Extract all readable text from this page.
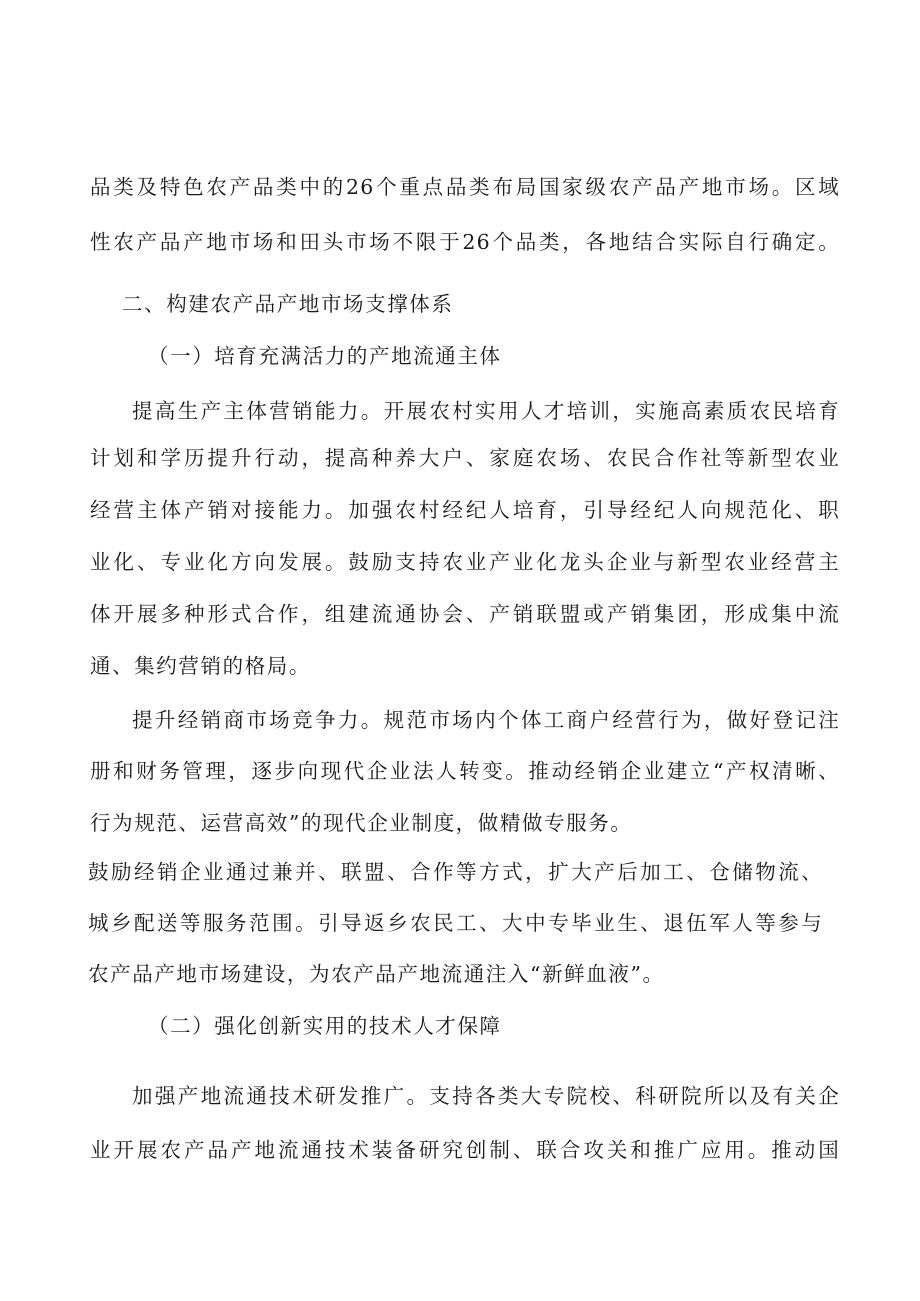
品类及特色农产品类中的26个重点品类布局国家级农产品产地市场。区域
性农产品产地市场和田头市场不限于26个品类，各地结合实际自行确定。
二、构建农产品产地市场支撑体系
（一）培育充满活力的产地流通主体
提高生产主体营销能力。开展农村实用人才培训，实施高素质农民培育
计划和学历提升行动，提高种养大户、家庭农场、农民合作社等新型农业
经营主体产销对接能力。加强农村经纪人培育，引导经纪人向规范化、职
业化、专业化方向发展。鼓励支持农业产业化龙头企业与新型农业经营主
体开展多种形式合作，组建流通协会、产销联盟或产销集团，形成集中流
通、集约营销的格局。
提升经销商市场竞争力。规范市场内个体工商户经营行为，做好登记注
册和财务管理，逐步向现代企业法人转变。推动经销企业建立“产权清晰、
行为规范、运营高效”的现代企业制度，做精做专服务。
鼓励经销企业通过兼并、联盟、合作等方式，扩大产后加工、仓储物流、
城乡配送等服务范围。引导返乡农民工、大中专毕业生、退伍军人等参与
农产品产地市场建设，为农产品产地流通注入“新鲜血液”。
（二）强化创新实用的技术人才保障
加强产地流通技术研发推广。支持各类大专院校、科研院所以及有关企
业开展农产品产地流通技术装备研究创制、联合攻关和推广应用。推动国
